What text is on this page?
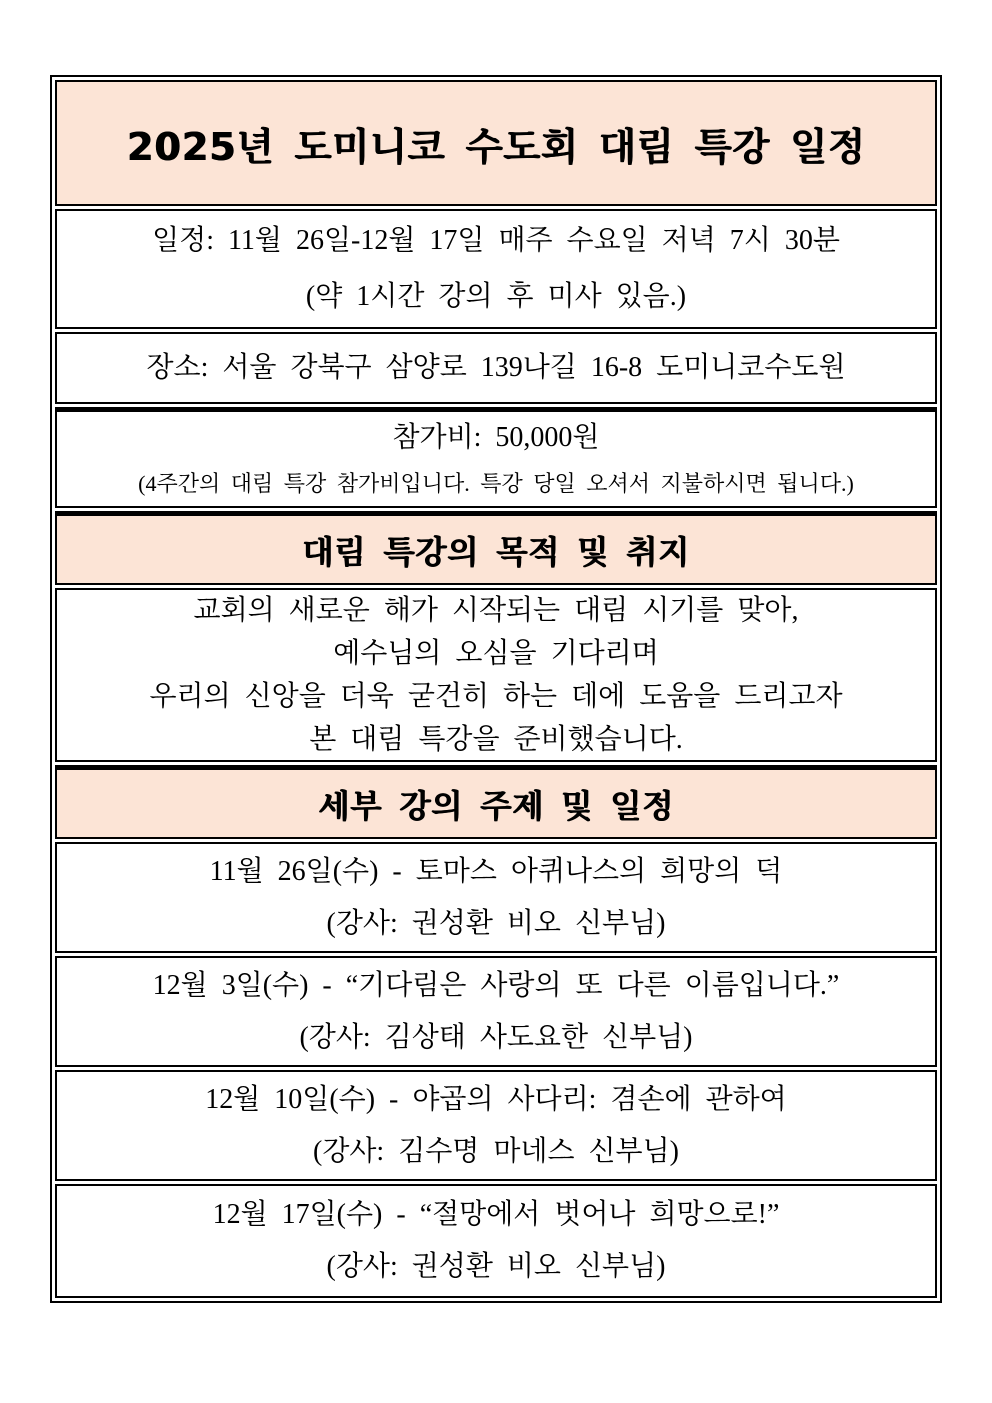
2025년 도미니코 수도회 대림 특강 일정
일정: 11월 26일-12월 17일 매주 수요일 저녁 7시 30분
(약 1시간 강의 후 미사 있음.)
장소: 서울 강북구 삼양로 139나길 16-8 도미니코수도원
참가비: 50,000원
(4주간의 대림 특강 참가비입니다. 특강 당일 오셔서 지불하시면 됩니다.)
대림 특강의 목적 및 취지
교회의 새로운 해가 시작되는 대림 시기를 맞아,
예수님의 오심을 기다리며
우리의 신앙을 더욱 굳건히 하는 데에 도움을 드리고자
본 대림 특강을 준비했습니다.
세부 강의 주제 및 일정
11월 26일(수) - 토마스 아퀴나스의 희망의 덕
(강사: 권성환 비오 신부님)
12월 3일(수) - “기다림은 사랑의 또 다른 이름입니다.”
(강사: 김상태 사도요한 신부님)
12월 10일(수) - 야곱의 사다리: 겸손에 관하여
(강사: 김수명 마네스 신부님)
12월 17일(수) - “절망에서 벗어나 희망으로!”
(강사: 권성환 비오 신부님)
